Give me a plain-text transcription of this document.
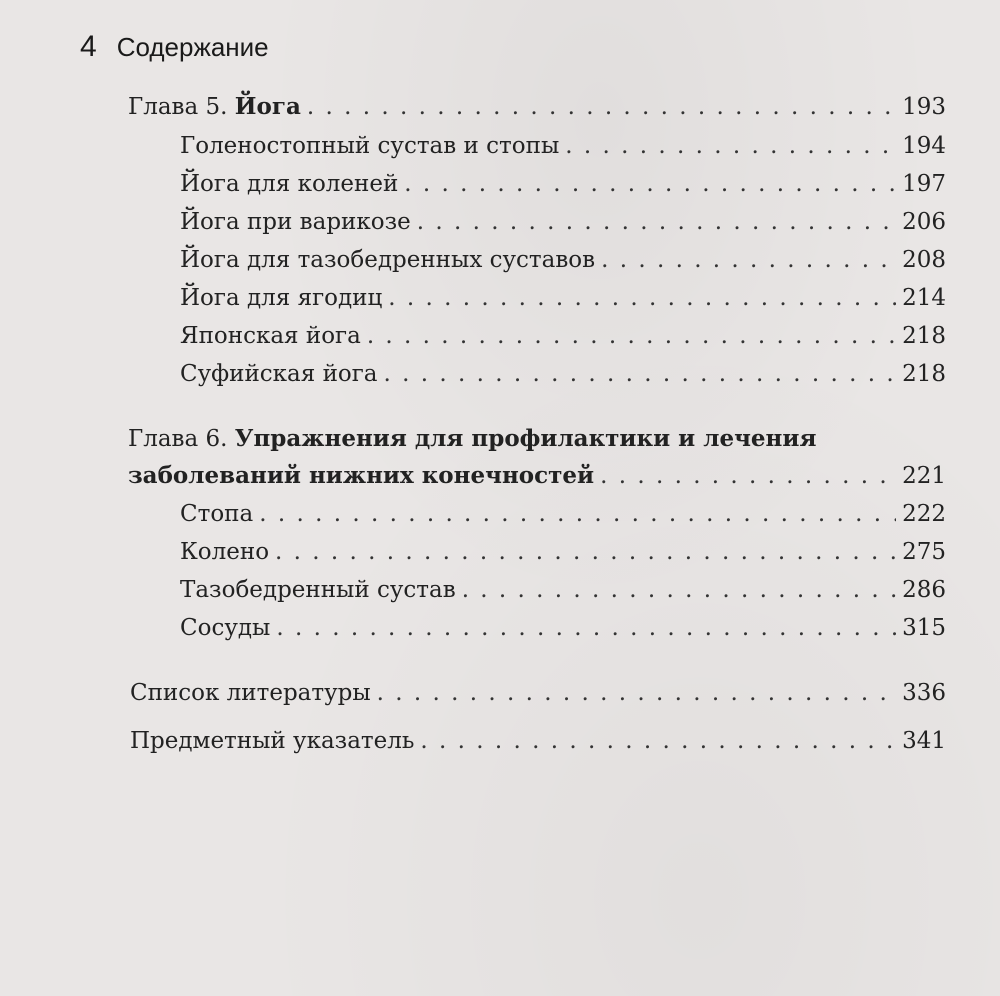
4 Содержание
Глава 5. Йога . . .	193
Голеностопный сустав и стопы . . .	194
Йога для коленей . . .	197
Йога при варикозе . . .	206
Йога для тазобедренных суставов . . .	208
Йога для ягодиц . . .	214
Японская йога . . .	218
Суфийская йога . . .	218
Глава 6. Упражнения для профилактики и лечения
заболеваний нижних конечностей . . .	221
Стопа . . .	222
Колено . . .	275
Тазобедренный сустав . . .	286
Сосуды . . .	315
Список литературы . . .	336
Предметный указатель . . .	341
